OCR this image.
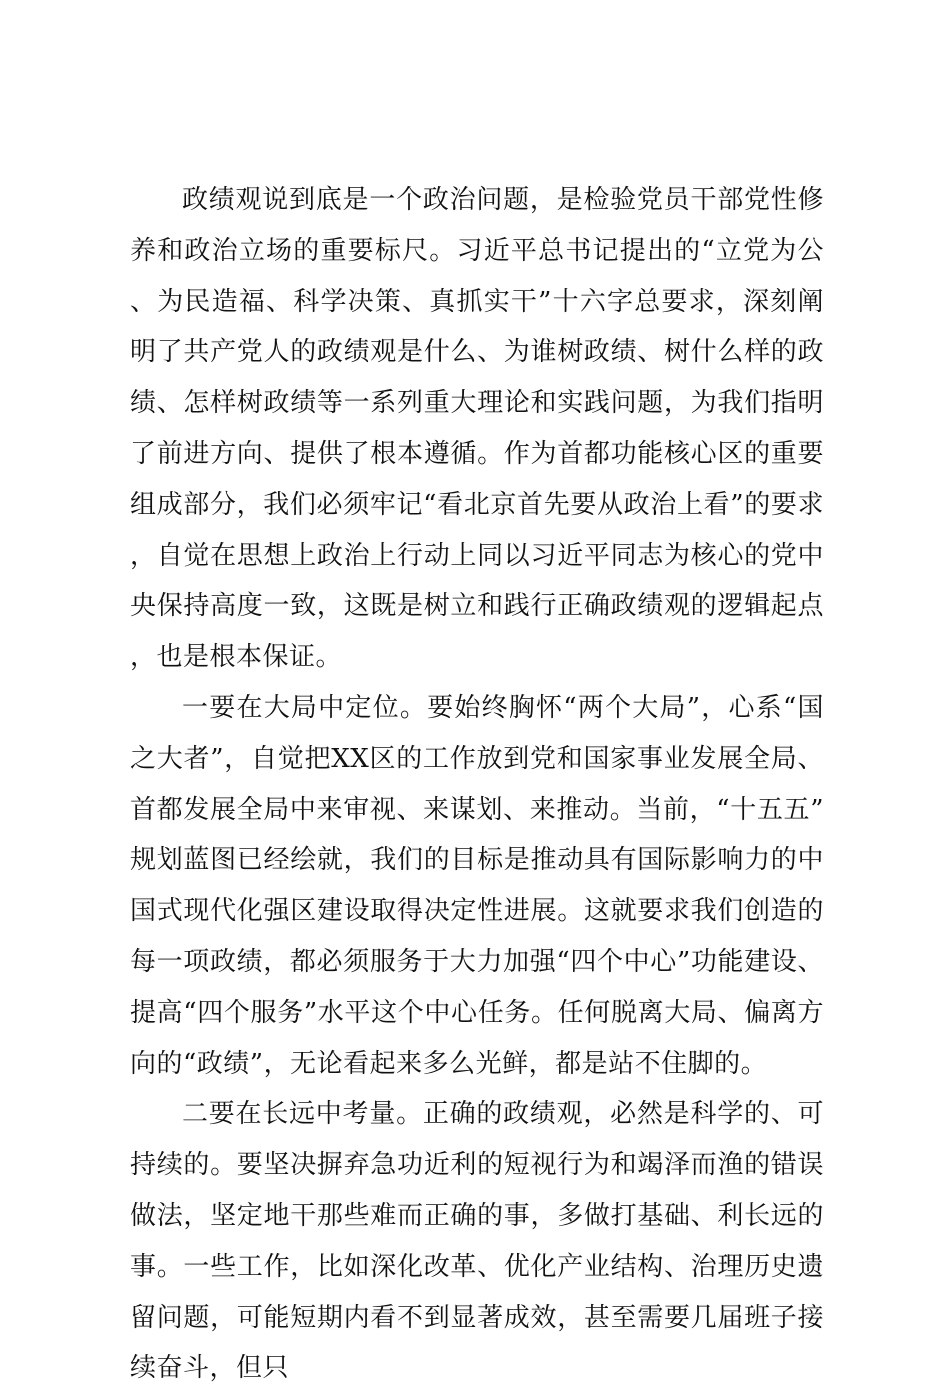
政绩观说到底是一个政治问题，是检验党员干部党性修养和政治立场的重要标尺。习近平总书记提出的“立党为公、为民造福、科学决策、真抓实干”十六字总要求，深刻阐明了共产党人的政绩观是什么、为谁树政绩、树什么样的政绩、怎样树政绩等一系列重大理论和实践问题，为我们指明了前进方向、提供了根本遵循。作为首都功能核心区的重要组成部分，我们必须牢记“看北京首先要从政治上看”的要求，自觉在思想上政治上行动上同以习近平同志为核心的党中央保持高度一致，这既是树立和践行正确政绩观的逻辑起点，也是根本保证。

一要在大局中定位。要始终胸怀“两个大局”，心系“国之大者”，自觉把XX区的工作放到党和国家事业发展全局、首都发展全局中来审视、来谋划、来推动。当前，“十五五”规划蓝图已经绘就，我们的目标是推动具有国际影响力的中国式现代化强区建设取得决定性进展。这就要求我们创造的每一项政绩，都必须服务于大力加强“四个中心”功能建设、提高“四个服务”水平这个中心任务。任何脱离大局、偏离方向的“政绩”，无论看起来多么光鲜，都是站不住脚的。

二要在长远中考量。正确的政绩观，必然是科学的、可持续的。要坚决摒弃急功近利的短视行为和竭泽而渔的错误做法，坚定地干那些难而正确的事，多做打基础、利长远的事。一些工作，比如深化改革、优化产业结构、治理历史遗留问题，可能短期内看不到显著成效，甚至需要几届班子接续奋斗，但只
